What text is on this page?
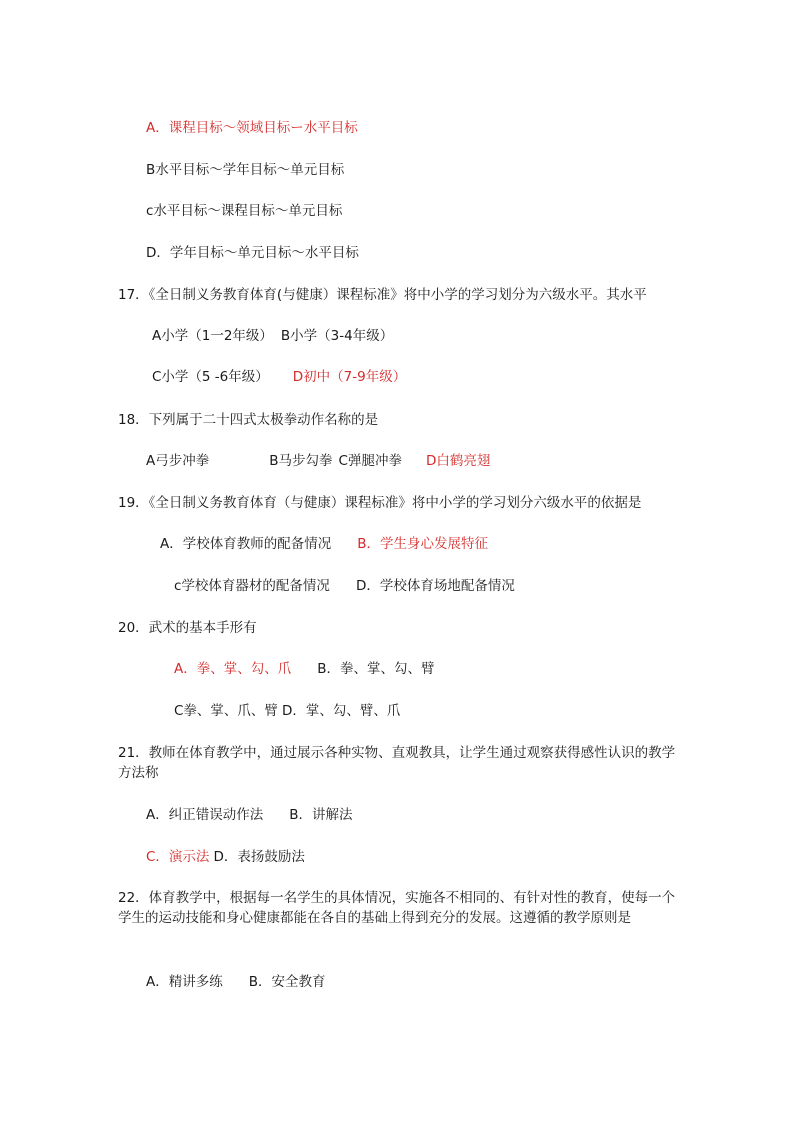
A．课程目标～领域目标ー水平目标
B水平目标～学年目标～单元目标
c水平目标～课程目标～单元目标
D．学年目标～单元目标～水平目标
17．《全日制义务教育体育(与健康）课程标准》将中小学的学习划分为六级水平。其水平
A小学（1一2年级） B小学（3-4年级）
C小学（5 -6年级） D初中（7-9年级）
18．下列属于二十四式太极拳动作名称的是
A弓步冲拳	B马步勾拳 C弹腿冲拳 D白鹤亮翅
19．《全日制义务教育体育（与健康）课程标准》将中小学的学习划分六级水平的依据是
A．学校体育教师的配备情况 B．学生身心发展特征
c学校体育器材的配备情况 D．学校体育场地配备情况
20．武术的基本手形有
A．拳、掌、勾、爪 B．拳、掌、勾、臂
C拳、掌、爪、臂 D．掌、勾、臂、爪
21．教师在体育教学中，通过展示各种实物、直观教具，让学生通过观察获得感性认识的教学方法称
A．纠正错误动作法 B．讲解法
C．演示法 D．表扬鼓励法
22．体育教学中，根据每一名学生的具体情况，实施各不相同的、有针对性的教育，使每一个学生的运动技能和身心健康都能在各自的基础上得到充分的发展。这遵循的教学原则是
A．精讲多练 B．安全教育
